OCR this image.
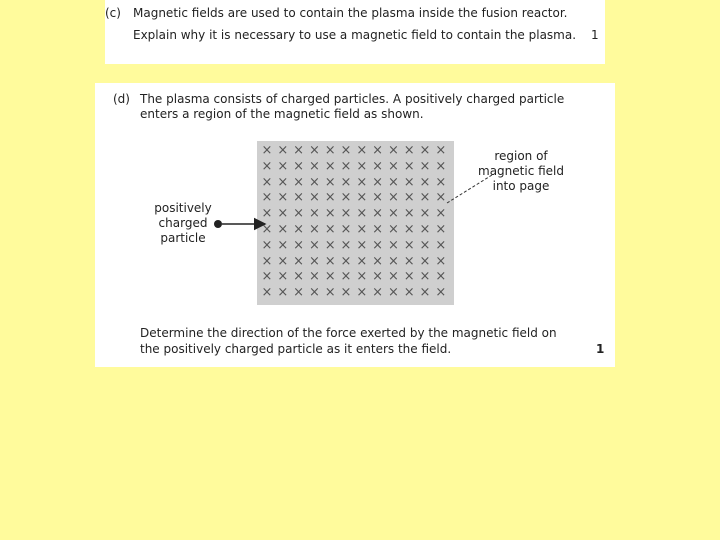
(c) Magnetic fields are used to contain the plasma inside the fusion reactor.
Explain why it is necessary to use a magnetic field to contain the plasma. 1
(d) The plasma consists of charged particles. A positively charged particle
enters a region of the magnetic field as shown.
× × × × × × × × × × × ×
× × × × × × × × × × × ×
× × × × × × × × × × × ×
× × × × × × × × × × × ×
× × × × × × × × × × × ×
× × × × × × × × × × × ×
× × × × × × × × × × × ×
× × × × × × × × × × × ×
× × × × × × × × × × × ×
× × × × × × × × × × × ×
positively
charged
particle
region of
magnetic field
into page
Determine the direction of the force exerted by the magnetic field on
the positively charged particle as it enters the field.	1
